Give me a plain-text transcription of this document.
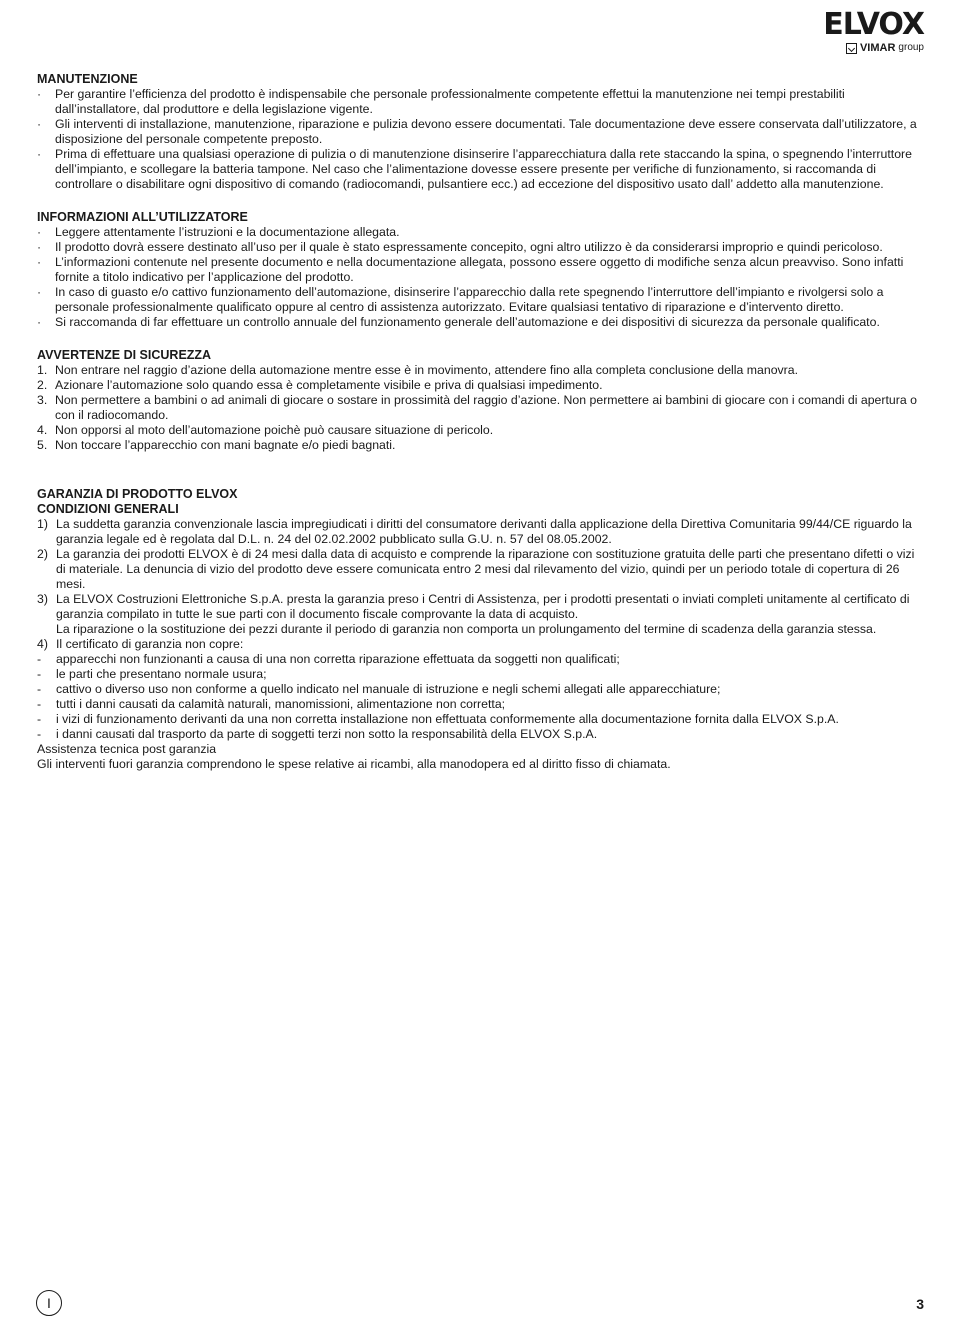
ELVOX
VIMAR group
MANUTENZIONE
· Per garantire l’efficienza del prodotto è indispensabile che personale professionalmente competente effettui la manutenzione nei tempi prestabiliti dall’installatore, dal produttore e della legislazione vigente.
· Gli interventi di installazione, manutenzione, riparazione e pulizia devono essere documentati. Tale documentazione deve essere conservata dall’utilizzatore, a disposizione del personale competente preposto.
· Prima di effettuare una qualsiasi operazione di pulizia o di manutenzione disinserire l’apparecchiatura dalla rete staccando la spina, o spegnendo l’interruttore dell’impianto, e scollegare la batteria tampone. Nel caso che l’alimentazione dovesse essere presente per verifiche di funzionamento, si raccomanda di controllare o disabilitare ogni dispositivo di comando (radiocomandi, pulsantiere ecc.) ad eccezione del dispositivo usato dall’ addetto alla manutenzione.
INFORMAZIONI ALL’UTILIZZATORE
· Leggere attentamente l’istruzioni e la documentazione allegata.
· Il prodotto dovrà essere destinato all’uso per il quale è stato espressamente concepito, ogni altro utilizzo è da considerarsi improprio e quindi pericoloso.
· L’informazioni contenute nel presente documento e nella documentazione allegata, possono essere oggetto di modifiche senza alcun preavviso. Sono infatti fornite a titolo indicativo per l’applicazione del prodotto.
· In caso di guasto e/o cattivo funzionamento dell’automazione, disinserire l’apparecchio dalla rete spegnendo l’interruttore dell’impianto e rivolgersi solo a personale professionalmente qualificato oppure al centro di assistenza autorizzato. Evitare qualsiasi tentativo di riparazione e d’intervento diretto.
· Si raccomanda di far effettuare un controllo annuale del funzionamento generale dell’automazione e dei dispositivi di sicurezza da personale qualificato.
AVVERTENZE DI SICUREZZA
1. Non entrare nel raggio d’azione della automazione mentre esse è in movimento, attendere fino alla completa conclusione della manovra.
2. Azionare l’automazione solo quando essa è completamente visibile e priva di qualsiasi impedimento.
3. Non permettere a bambini o ad animali di giocare o sostare in prossimità del raggio d’azione. Non permettere ai bambini di giocare con i comandi di apertura o con il radiocomando.
4. Non opporsi al moto dell’automazione poichè può causare situazione di pericolo.
5. Non toccare l’apparecchio con mani bagnate e/o piedi bagnati.
GARANZIA DI PRODOTTO ELVOX
CONDIZIONI GENERALI
1) La suddetta garanzia convenzionale lascia impregiudicati i diritti del consumatore derivanti dalla applicazione della Direttiva Comunitaria 99/44/CE riguardo la garanzia legale ed è regolata dal D.L. n. 24 del 02.02.2002 pubblicato sulla G.U. n. 57 del 08.05.2002.
2) La garanzia dei prodotti ELVOX è di 24 mesi dalla data di acquisto e comprende la riparazione con sostituzione gratuita delle parti che presentano difetti o vizi di materiale. La denuncia di vizio del prodotto deve essere comunicata entro 2 mesi dal rilevamento del vizio, quindi per un periodo totale di copertura di 26 mesi.
3) La ELVOX Costruzioni Elettroniche S.p.A. presta la garanzia preso i Centri di Assistenza, per i prodotti presentati o inviati completi unitamente al certificato di garanzia compilato in tutte le sue parti con il documento fiscale comprovante la data di acquisto.
La riparazione o la sostituzione dei pezzi durante il periodo di garanzia non comporta un prolungamento del termine di scadenza della garanzia stessa.
4) Il certificato di garanzia non copre:
- apparecchi non funzionanti a causa di una non corretta riparazione effettuata da soggetti non qualificati;
- le parti che presentano normale usura;
- cattivo o diverso uso non conforme a quello indicato nel manuale di istruzione e negli schemi allegati alle apparecchiature;
- tutti i danni causati da calamità naturali, manomissioni, alimentazione non corretta;
- i vizi di funzionamento derivanti da una non corretta installazione non effettuata conformemente alla documentazione fornita dalla ELVOX S.p.A.
- i danni causati dal trasporto da parte di soggetti terzi non sotto la responsabilità della ELVOX S.p.A.

Assistenza tecnica post garanzia

Gli interventi fuori garanzia comprendono le spese relative ai ricambi, alla manodopera ed al diritto fisso di chiamata.

I	3
